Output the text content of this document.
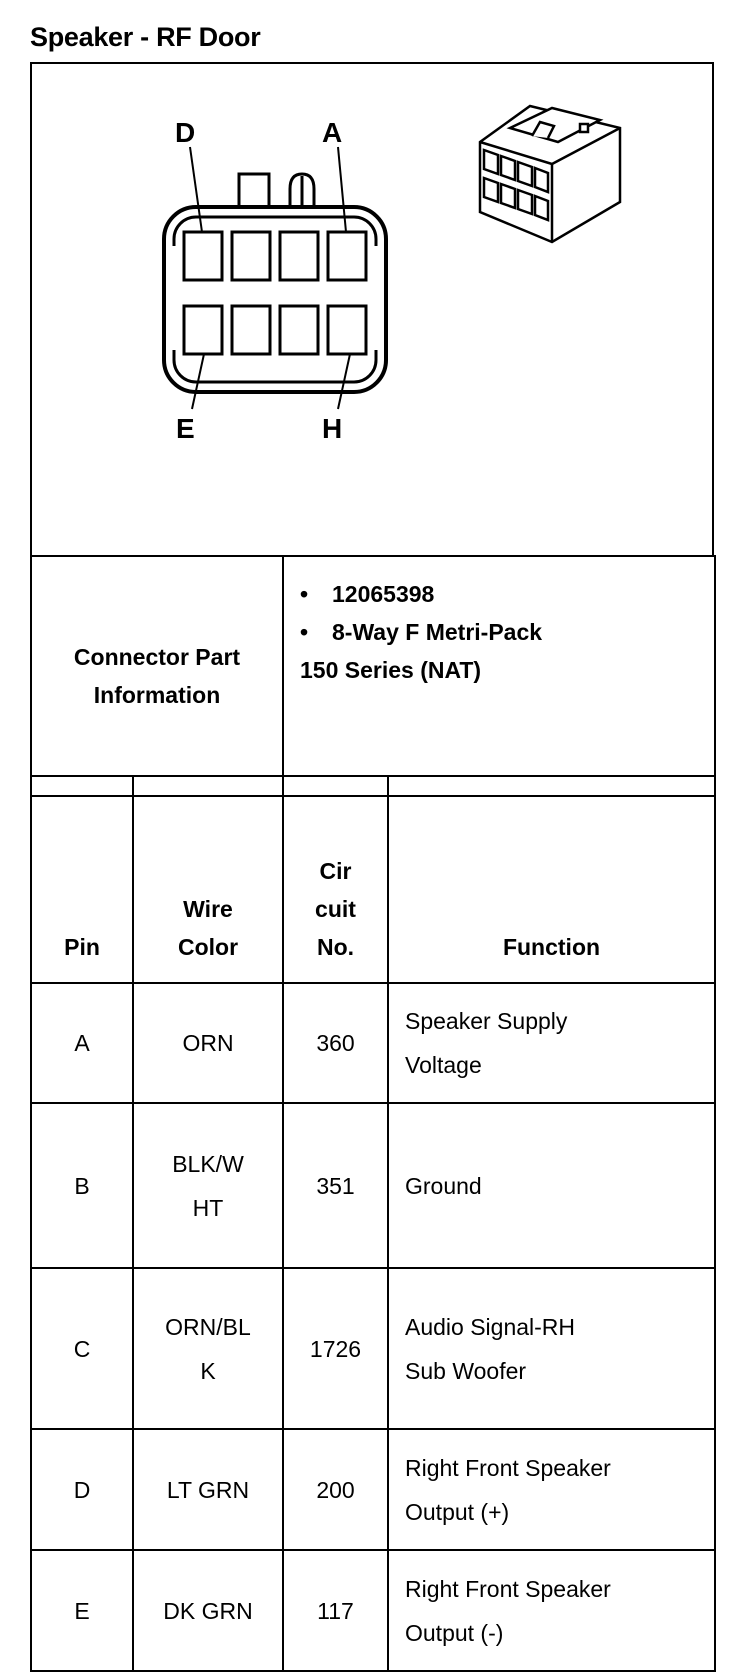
Speaker - RF Door
D	A
E	H
Connector Part Information	
• 12065398
• 8-Way F Metri-Pack
150 Series (NAT)
Pin	Wire Color	Cir cuit No.	Function
A	ORN	360	Speaker Supply Voltage
B	BLK/WHT	351	Ground
C	ORN/BLK	1726	Audio Signal-RH Sub Woofer
D	LT GRN	200	Right Front Speaker Output (+)
E	DK GRN	117	Right Front Speaker Output (-)
